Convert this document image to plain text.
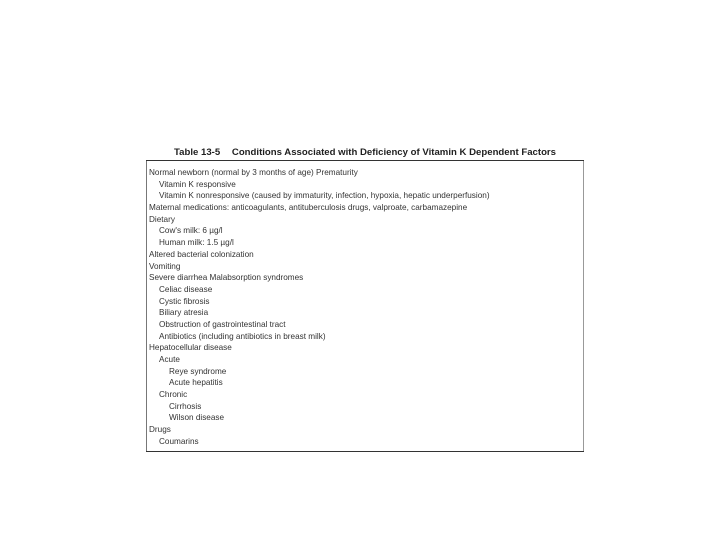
Table 13-5 Conditions Associated with Deficiency of Vitamin K Dependent Factors
Normal newborn (normal by 3 months of age) Prematurity
Vitamin K responsive
Vitamin K nonresponsive (caused by immaturity, infection, hypoxia, hepatic underperfusion)
Maternal medications: anticoagulants, antituberculosis drugs, valproate, carbamazepine
Dietary
Cow's milk: 6 µg/l
Human milk: 1.5 µg/l
Altered bacterial colonization
Vomiting
Severe diarrhea Malabsorption syndromes
Celiac disease
Cystic fibrosis
Biliary atresia
Obstruction of gastrointestinal tract
Antibiotics (including antibiotics in breast milk)
Hepatocellular disease
Acute
Reye syndrome
Acute hepatitis
Chronic
Cirrhosis
Wilson disease
Drugs
Coumarins
